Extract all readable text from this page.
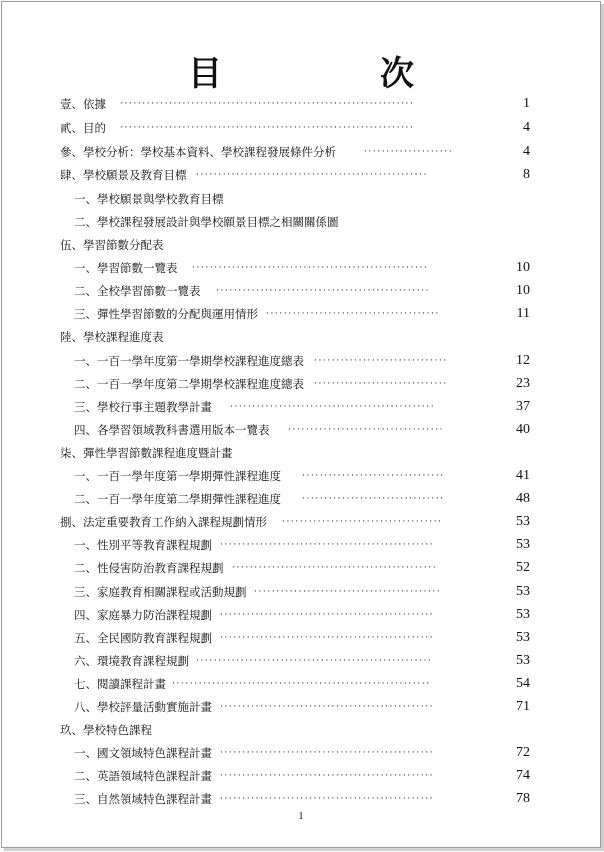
目　次
壹、依據 ··································································	1
貳、目的 ··································································	4
參、學校分析：學校基本資料、學校課程發展條件分析	····················	4
肆、學校願景及教育目標 ····················································	8
一、學校願景與學校教育目標
二、學校課程發展設計與學校願景目標之相關關係圖
伍、學習節數分配表
一、學習節數一覽表 ·····················································	10
二、全校學習節數一覽表 ················································	10
三、彈性學習節數的分配與運用情形 ·······································	11
陸、學校課程進度表
一、一百一學年度第一學期學校課程進度總表 ······························	12
二、一百一學年度第二學期學校課程進度總表 ······························	23
三、學校行事主題教學計畫 ··············································	37
四、各學習領域教科書選用版本一覽表 ···································	40
柒、彈性學習節數課程進度暨計畫
一、一百一學年度第一學期彈性課程進度 ································	41
二、一百一學年度第二學期彈性課程進度 ································	48
捌、法定重要教育工作納入課程規劃情形 ····································	53
一、性別平等教育課程規劃 ················································	53
二、性侵害防治教育課程規劃 ··············································	52
三、家庭教育相關課程或活動規劃 ··········································	53
四、家庭暴力防治課程規劃 ················································	53
五、全民國防教育課程規劃 ················································	53
六、環境教育課程規劃 ·····················································	53
七、閱讀課程計畫 ··························································	54
八、學校評量活動實施計畫 ················································	71
玖、學校特色課程
一、國文領域特色課程計畫 ················································	72
二、英語領域特色課程計畫 ················································	74
三、自然領域特色課程計畫 ················································	78
1
